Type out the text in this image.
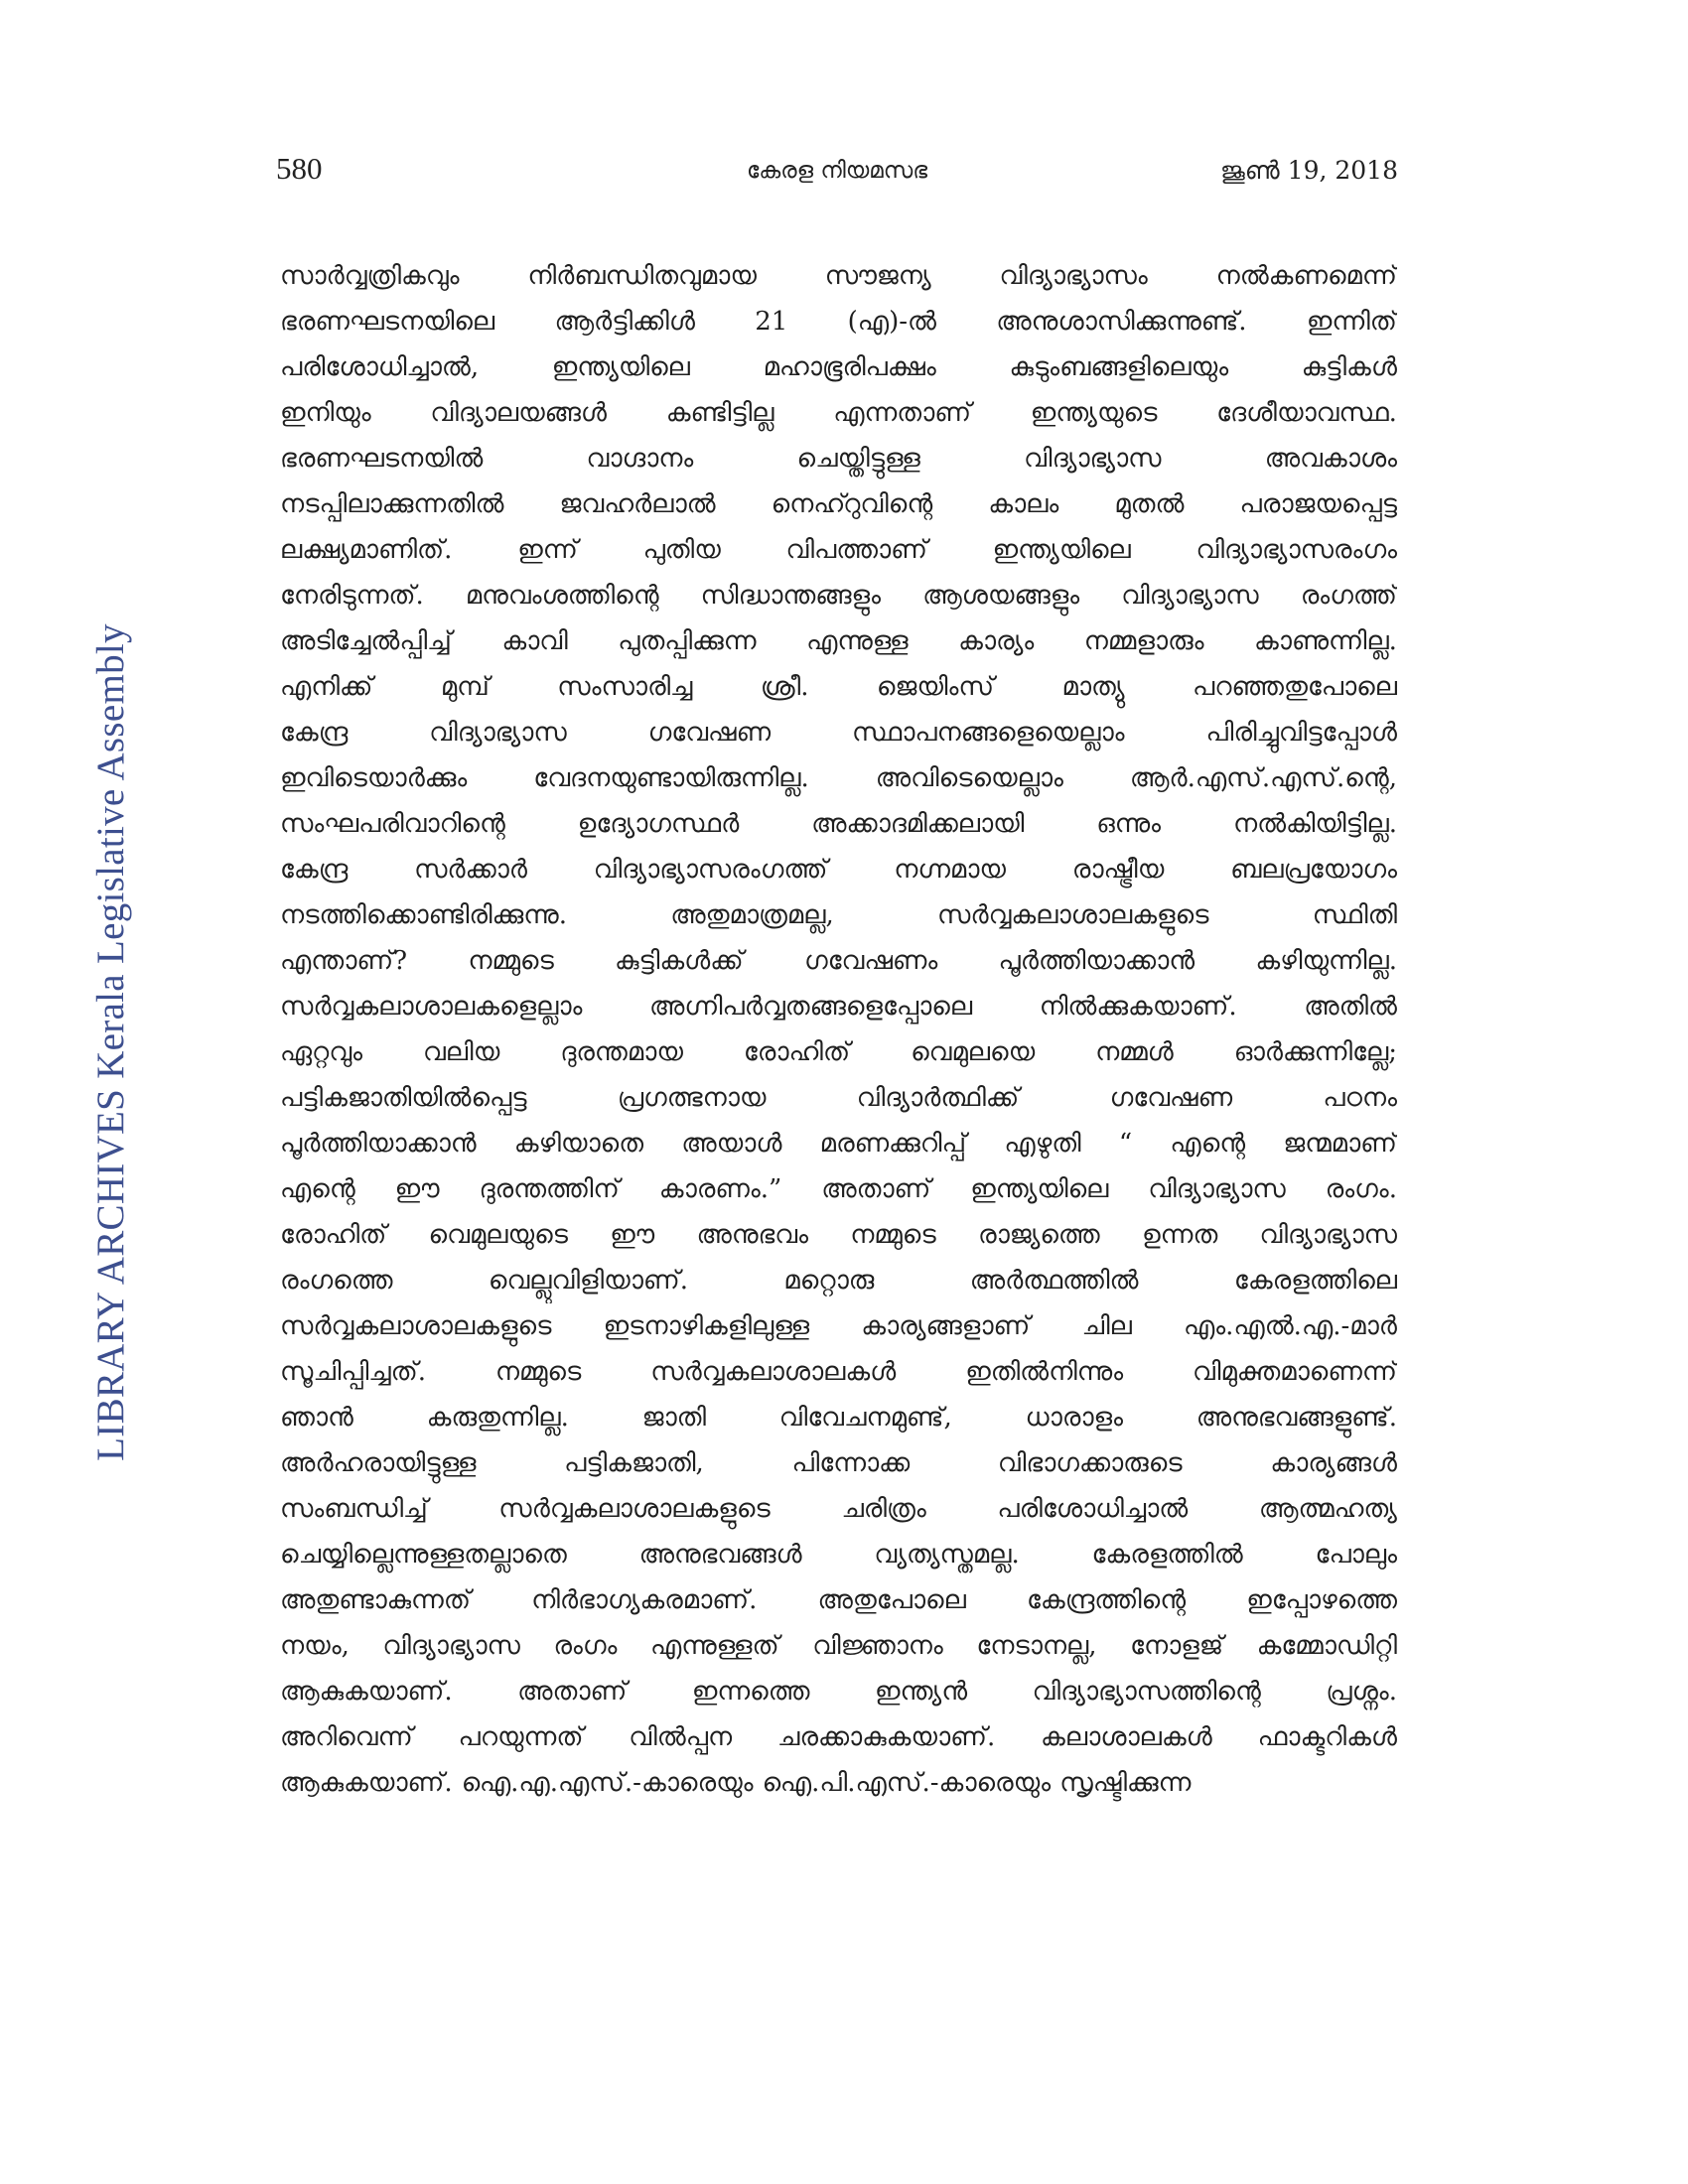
580	കേരള നിയമസഭ	ജൂൺ 19, 2018
LIBRARY ARCHIVES Kerala Legislative Assembly
സാർവ്വത്രികവും	നിർബന്ധിതവുമായ	സൗജന്യ	വിദ്യാഭ്യാസം	നൽകണമെന്ന്
ഭരണഘടനയിലെ ആർട്ടിക്കിൾ 21 (എ)-ൽ അനുശാസിക്കുന്നുണ്ട്. ഇന്നിത്
പരിശോധിച്ചാൽ,	ഇന്ത്യയിലെ	മഹാഭൂരിപക്ഷം	കുടുംബങ്ങളിലെയും	കുട്ടികൾ
ഇനിയും വിദ്യാലയങ്ങൾ കണ്ടിട്ടില്ല എന്നതാണ് ഇന്ത്യയുടെ ദേശീയാവസ്ഥ.
ഭരണഘടനയിൽ	വാഗ്ദാനം	ചെയ്തിട്ടുള്ള	വിദ്യാഭ്യാസ	അവകാശം
നടപ്പിലാക്കുന്നതിൽ ജവഹർലാൽ നെഹ്റുവിന്റെ കാലം മുതൽ പരാജയപ്പെട്ട
ലക്ഷ്യമാണിത്.	ഇന്ന്	പുതിയ	വിപത്താണ്	ഇന്ത്യയിലെ	വിദ്യാഭ്യാസരംഗം
നേരിടുന്നത്. മനുവംശത്തിന്റെ സിദ്ധാന്തങ്ങളും ആശയങ്ങളും വിദ്യാഭ്യാസ രംഗത്ത്
അടിച്ചേൽപ്പിച്ച് കാവി പുതപ്പിക്കുന്ന എന്നുള്ള കാര്യം നമ്മളാരും കാണുന്നില്ല.
എനിക്ക്	മുമ്പ്	സംസാരിച്ച	ശ്രീ.	ജെയിംസ്	മാത്യു	പറഞ്ഞതുപോലെ
കേന്ദ്ര	വിദ്യാഭ്യാസ	ഗവേഷണ	സ്ഥാപനങ്ങളെയെല്ലാം	പിരിച്ചുവിട്ടപ്പോൾ
ഇവിടെയാർക്കും	വേദനയുണ്ടായിരുന്നില്ല.	അവിടെയെല്ലാം	ആർ.എസ്.എസ്.ന്റെ,
സംഘപരിവാറിന്റെ	ഉദ്യോഗസ്ഥർ	അക്കാദമിക്കലായി	ഒന്നും	നൽകിയിട്ടില്ല.
കേന്ദ്ര	സർക്കാർ	വിദ്യാഭ്യാസരംഗത്ത്	നഗ്നമായ	രാഷ്ട്രീയ	ബലപ്രയോഗം
നടത്തിക്കൊണ്ടിരിക്കുന്നു.	അതുമാത്രമല്ല,	സർവ്വകലാശാലകളുടെ	സ്ഥിതി
എന്താണ്? നമ്മുടെ കുട്ടികൾക്ക് ഗവേഷണം പൂർത്തിയാക്കാൻ കഴിയുന്നില്ല.
സർവ്വകലാശാലകളെല്ലാം	അഗ്നിപർവ്വതങ്ങളെപ്പോലെ	നിൽക്കുകയാണ്.	അതിൽ
ഏറ്റവും വലിയ ദുരന്തമായ രോഹിത് വെമുലയെ നമ്മൾ ഓർക്കുന്നില്ലേ;
പട്ടികജാതിയിൽപ്പെട്ട	പ്രഗത്ഭനായ	വിദ്യാർത്ഥിക്ക്	ഗവേഷണ	പഠനം
പൂർത്തിയാക്കാൻ കഴിയാതെ അയാൾ മരണക്കുറിപ്പ് എഴുതി “ എന്റെ ജന്മമാണ്
എന്റെ ഈ ദുരന്തത്തിന് കാരണം.” അതാണ് ഇന്ത്യയിലെ വിദ്യാഭ്യാസ രംഗം.
രോഹിത് വെമുലയുടെ ഈ അനുഭവം നമ്മുടെ രാജ്യത്തെ ഉന്നത വിദ്യാഭ്യാസ
രംഗത്തെ	വെല്ലുവിളിയാണ്.	മറ്റൊരു	അർത്ഥത്തിൽ	കേരളത്തിലെ
സർവ്വകലാശാലകളുടെ ഇടനാഴികളിലുള്ള കാര്യങ്ങളാണ് ചില എം.എൽ.എ.-മാർ
സൂചിപ്പിച്ചത്.	നമ്മുടെ	സർവ്വകലാശാലകൾ	ഇതിൽനിന്നും	വിമുക്തമാണെന്ന്
ഞാൻ	കരുതുന്നില്ല.	ജാതി	വിവേചനമുണ്ട്,	ധാരാളം	അനുഭവങ്ങളുണ്ട്.
അർഹരായിട്ടുള്ള	പട്ടികജാതി,	പിന്നോക്ക	വിഭാഗക്കാരുടെ	കാര്യങ്ങൾ
സംബന്ധിച്ച്	സർവ്വകലാശാലകളുടെ	ചരിത്രം	പരിശോധിച്ചാൽ	ആത്മഹത്യ
ചെയ്യില്ലെന്നുള്ളതല്ലാതെ	അനുഭവങ്ങൾ	വ്യത്യസ്തമല്ല.	കേരളത്തിൽ	പോലും
അതുണ്ടാകുന്നത് നിർഭാഗ്യകരമാണ്. അതുപോലെ കേന്ദ്രത്തിന്റെ ഇപ്പോഴത്തെ
നയം, വിദ്യാഭ്യാസ രംഗം എന്നുള്ളത് വിജ്ഞാനം നേടാനല്ല, നോളജ് കമ്മോഡിറ്റി
ആകുകയാണ്.	അതാണ്	ഇന്നത്തെ	ഇന്ത്യൻ	വിദ്യാഭ്യാസത്തിന്റെ	പ്രശ്നം.
അറിവെന്ന് പറയുന്നത് വിൽപ്പന ചരക്കാകുകയാണ്. കലാശാലകൾ ഫാക്ടറികൾ
ആകുകയാണ്. ഐ.എ.എസ്.-കാരെയും ഐ.പി.എസ്.-കാരെയും സൃഷ്ടിക്കുന്ന
